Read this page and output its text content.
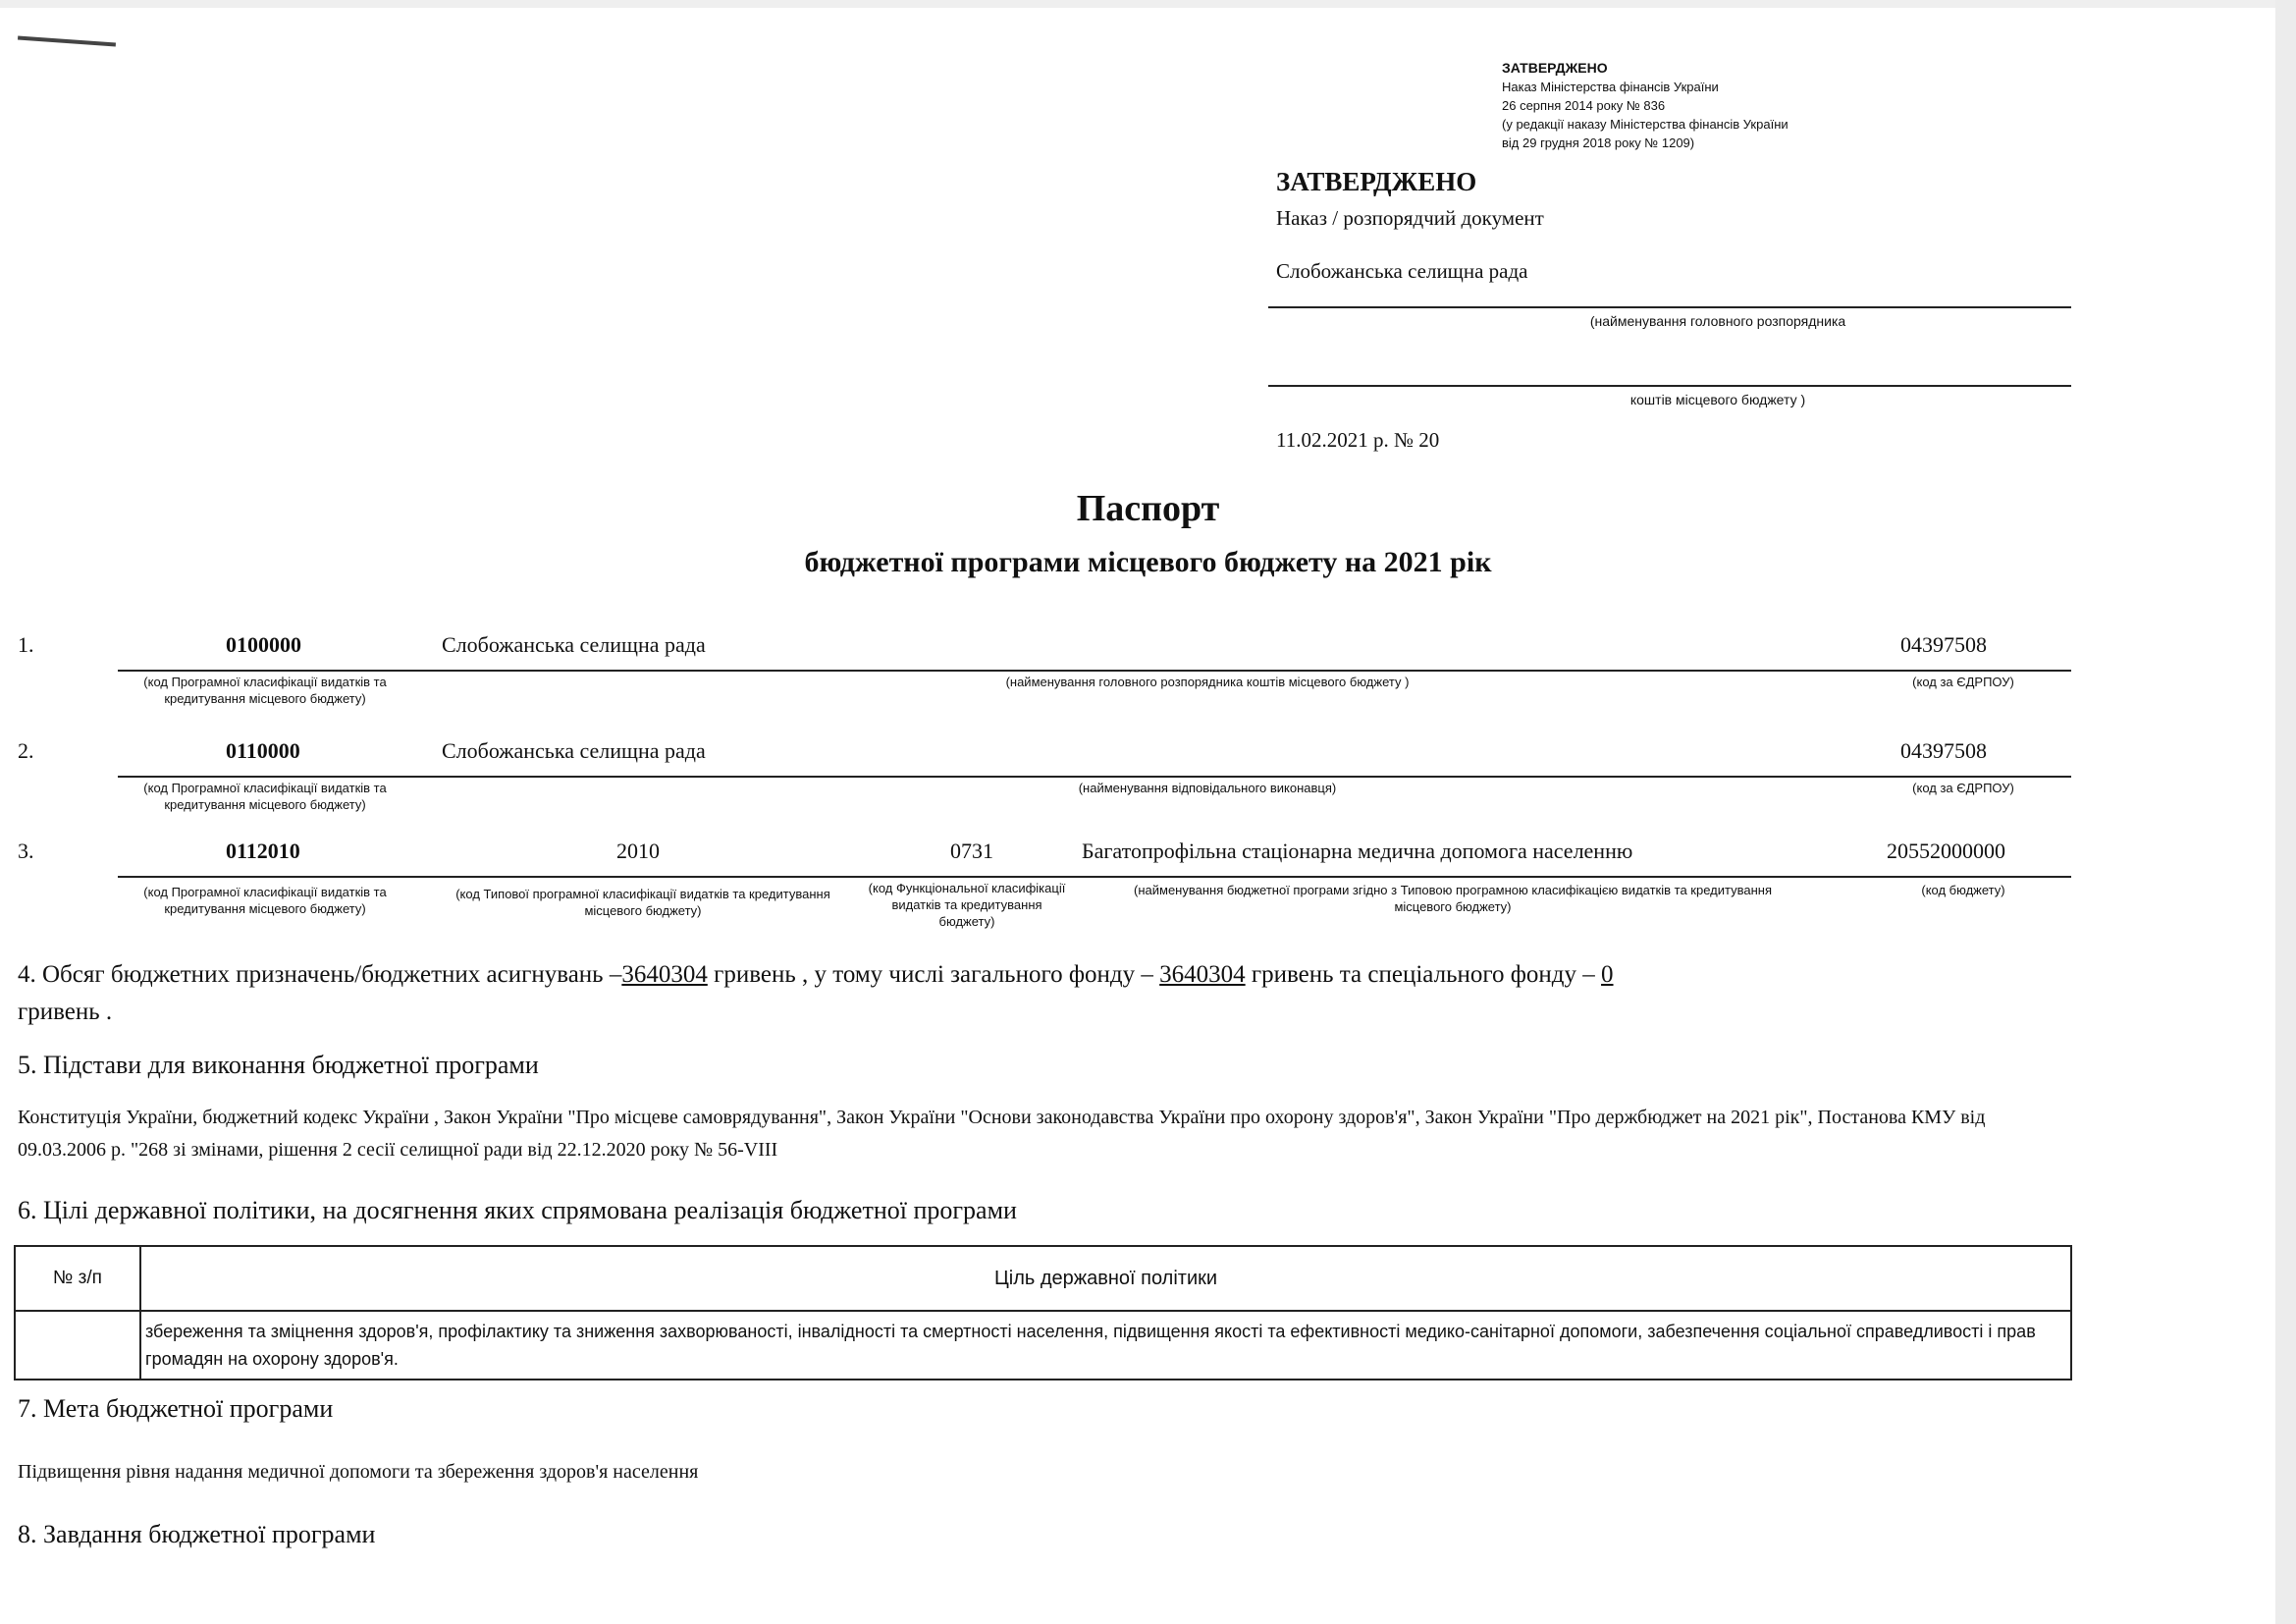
ЗАТВЕРДЖЕНО
Наказ Міністерства фінансів України
26 серпня 2014 року № 836
(у редакції наказу Міністерства фінансів України
від 29 грудня 2018 року № 1209)
ЗАТВЕРДЖЕНО
Наказ / розпорядчий документ
Слобожанська селищна рада
(найменування головного розпорядника
коштів місцевого бюджету )
11.02.2021 р. № 20
Паспорт
бюджетної програми місцевого бюджету на 2021 рік
1.	0100000	Слобожанська селищна рада	04397508
(код Програмної класифікації видатків та кредитування місцевого бюджету)
(найменування головного розпорядника коштів місцевого бюджету )	(код за ЄДРПОУ)
2.	0110000	Слобожанська селищна рада	04397508
(код Програмної класифікації видатків та кредитування місцевого бюджету)
(найменування відповідального виконавця)	(код за ЄДРПОУ)
3.	0112010	2010	0731	Багатопрофільна стаціонарна медична допомога населенню	20552000000
(код Програмної класифікації видатків та кредитування місцевого бюджету)
(код Типової програмної класифікації видатків та кредитування місцевого бюджету)
(код Функціональної класифікації видатків та кредитування бюджету)
(найменування бюджетної програми згідно з Типовою програмною класифікацією видатків та кредитування місцевого бюджету)
(код бюджету)
4. Обсяг бюджетних призначень/бюджетних асигнувань –3640304 гривень , у тому числі загального фонду – 3640304 гривень та спеціального фонду – 0
гривень .
5. Підстави для виконання бюджетної програми
Конституція України, бюджетний кодекс України , Закон України "Про місцеве самоврядування", Закон України "Основи законодавства України про охорону здоров'я", Закон України "Про держбюджет на 2021 рік", Постанова КМУ від 09.03.2006 р. "268 зі змінами, рішення 2 сесії селищної ради від 22.12.2020 року № 56-VIII
6. Цілі державної політики, на досягнення яких спрямована реалізація бюджетної програми
№ з/п	Ціль державної політики
	збереження та зміцнення здоров'я, профілактику та зниження захворюваності, інвалідності та смертності населення, підвищення якості та ефективності медико-санітарної допомоги, забезпечення соціальної справедливості і прав громадян на охорону здоров'я.
7. Мета бюджетної програми
Підвищення рівня надання медичної допомоги та збереження здоров'я населення
8. Завдання бюджетної програми
